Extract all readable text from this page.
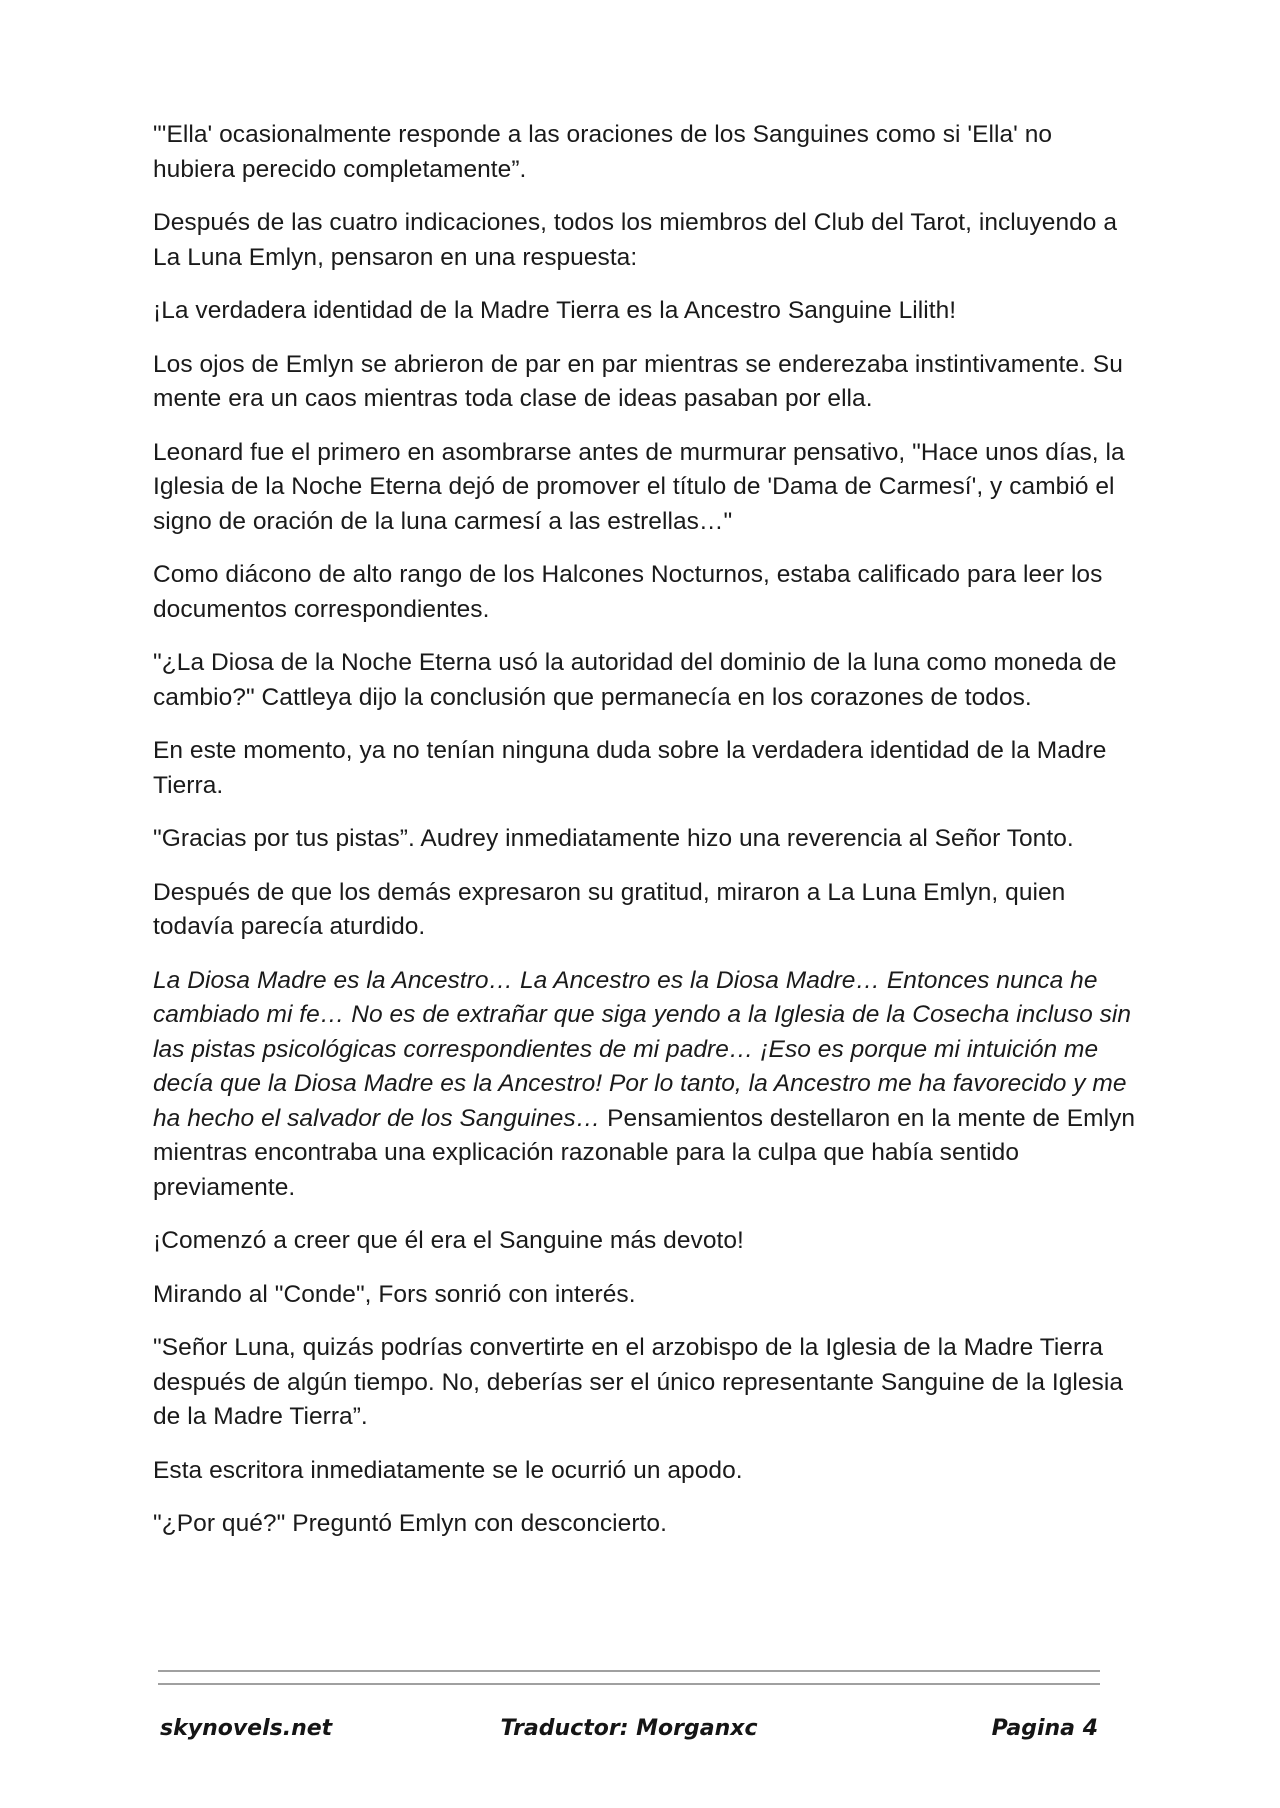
"'Ella' ocasionalmente responde a las oraciones de los Sanguines como si 'Ella' no hubiera perecido completamente”.

Después de las cuatro indicaciones, todos los miembros del Club del Tarot, incluyendo a La Luna Emlyn, pensaron en una respuesta:

¡La verdadera identidad de la Madre Tierra es la Ancestro Sanguine Lilith!

Los ojos de Emlyn se abrieron de par en par mientras se enderezaba instintivamente. Su mente era un caos mientras toda clase de ideas pasaban por ella.

Leonard fue el primero en asombrarse antes de murmurar pensativo, "Hace unos días, la Iglesia de la Noche Eterna dejó de promover el título de 'Dama de Carmesí', y cambió el signo de oración de la luna carmesí a las estrellas…"

Como diácono de alto rango de los Halcones Nocturnos, estaba calificado para leer los documentos correspondientes.

"¿La Diosa de la Noche Eterna usó la autoridad del dominio de la luna como moneda de cambio?" Cattleya dijo la conclusión que permanecía en los corazones de todos.

En este momento, ya no tenían ninguna duda sobre la verdadera identidad de la Madre Tierra.

"Gracias por tus pistas”. Audrey inmediatamente hizo una reverencia al Señor Tonto.

Después de que los demás expresaron su gratitud, miraron a La Luna Emlyn, quien todavía parecía aturdido.

La Diosa Madre es la Ancestro… La Ancestro es la Diosa Madre… Entonces nunca he cambiado mi fe… No es de extrañar que siga yendo a la Iglesia de la Cosecha incluso sin las pistas psicológicas correspondientes de mi padre… ¡Eso es porque mi intuición me decía que la Diosa Madre es la Ancestro! Por lo tanto, la Ancestro me ha favorecido y me ha hecho el salvador de los Sanguines… Pensamientos destellaron en la mente de Emlyn mientras encontraba una explicación razonable para la culpa que había sentido previamente.

¡Comenzó a creer que él era el Sanguine más devoto!

Mirando al "Conde", Fors sonrió con interés.

"Señor Luna, quizás podrías convertirte en el arzobispo de la Iglesia de la Madre Tierra después de algún tiempo. No, deberías ser el único representante Sanguine de la Iglesia de la Madre Tierra”.

Esta escritora inmediatamente se le ocurrió un apodo.

"¿Por qué?" Preguntó Emlyn con desconcierto.

skynovels.net	Traductor: Morganxc	Pagina 4
